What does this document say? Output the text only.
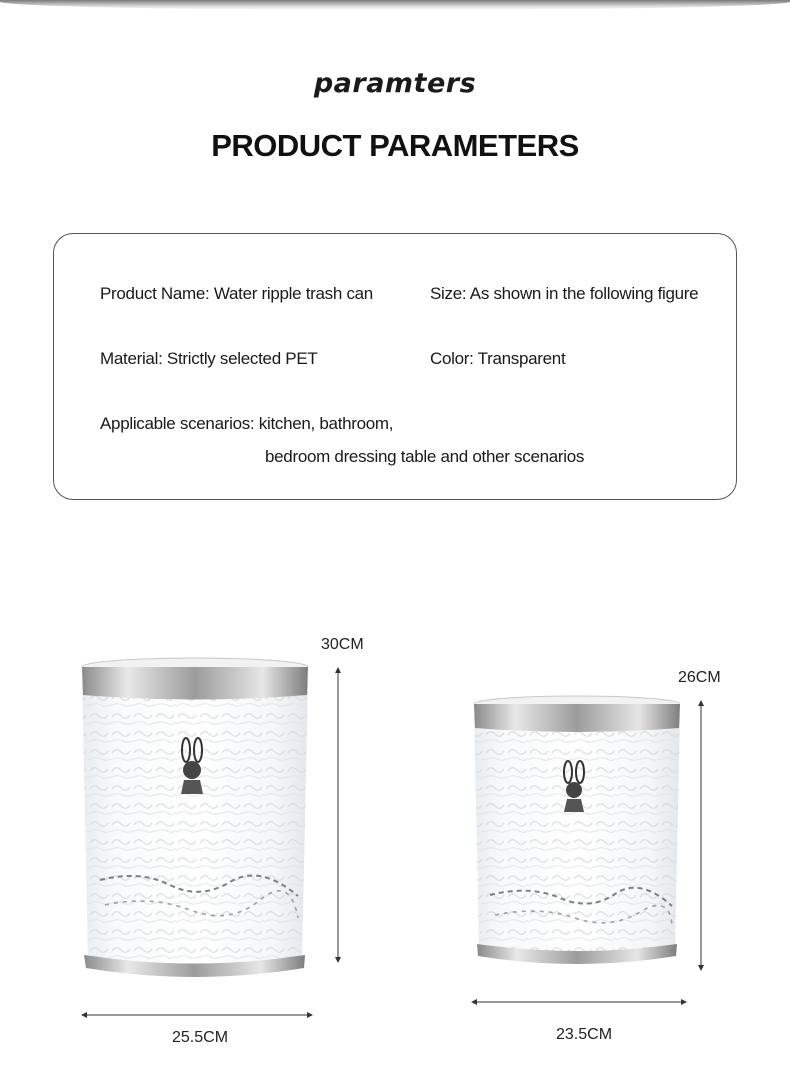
paramters
PRODUCT PARAMETERS
Product Name: Water ripple trash can	Size: As shown in the following figure
Material: Strictly selected PET	Color: Transparent
Applicable scenarios: kitchen, bathroom,
bedroom dressing table and other scenarios
30CM
25.5CM
26CM
23.5CM
